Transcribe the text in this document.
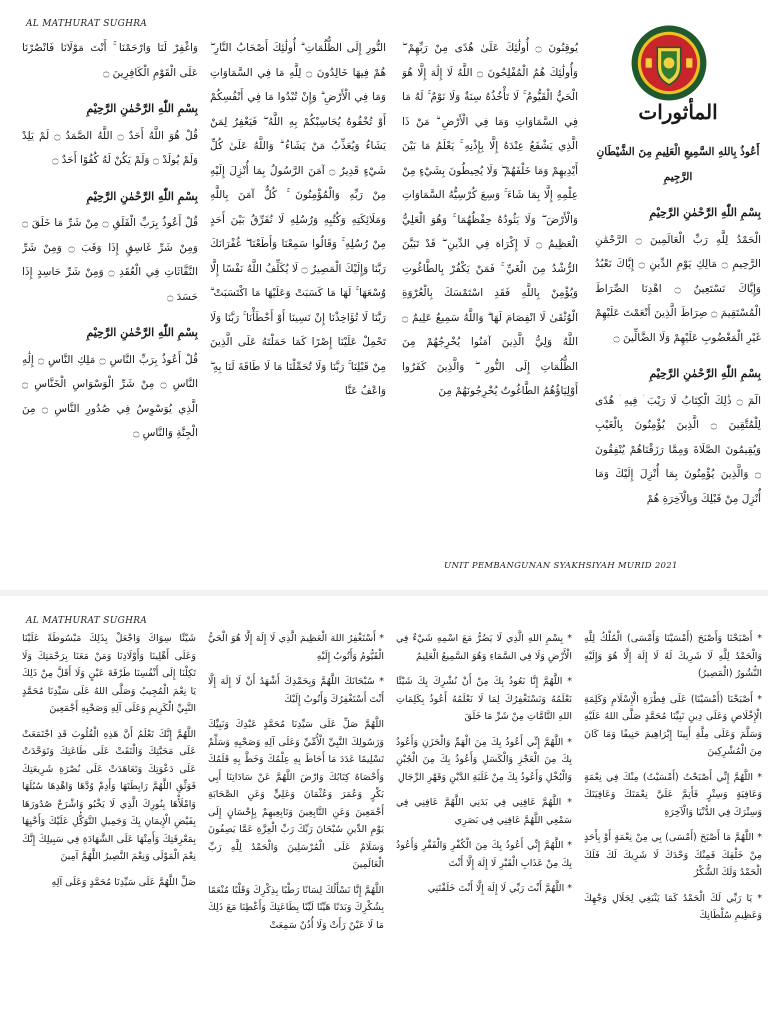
AL MATHURAT SUGHRA
المأثورات

أَعُوذُ بِاللهِ السَّمِيعِ الْعَلِيمِ مِنَ الشَّيْطَانِ الرَّجِيمِ

بِسْمِ اللّٰهِ الرَّحْمٰنِ الرَّحِيْمِ

الْحَمْدُ لِلَّهِ رَبِّ الْعَالَمِينَ ۝ الرَّحْمَٰنِ الرَّحِيمِ ۝ مَالِكِ يَوْمِ الدِّينِ ۝ إِيَّاكَ نَعْبُدُ وَإِيَّاكَ نَسْتَعِينُ ۝ اهْدِنَا الصِّرَاطَ الْمُسْتَقِيمَ ۝ صِرَاطَ الَّذِينَ أَنْعَمْتَ عَلَيْهِمْ غَيْرِ الْمَغْضُوبِ عَلَيْهِمْ وَلَا الضَّالِّينَ ۝

بِسْمِ اللّٰهِ الرَّحْمٰنِ الرَّحِيْمِ

الٓمٓ ۝ ذَٰلِكَ الْكِتَابُ لَا رَيْبَ ۛ فِيهِ ۛ هُدًى لِلْمُتَّقِينَ ۝ الَّذِينَ يُؤْمِنُونَ بِالْغَيْبِ وَيُقِيمُونَ الصَّلَاةَ وَمِمَّا رَزَقْنَاهُمْ يُنْفِقُونَ ۝ وَالَّذِينَ يُؤْمِنُونَ بِمَا أُنْزِلَ إِلَيْكَ وَمَا أُنْزِلَ مِنْ قَبْلِكَ وَبِالْآخِرَةِ هُمْ

يُوقِنُونَ ۝ أُولَٰئِكَ عَلَىٰ هُدًى مِنْ رَبِّهِمْ ۖ وَأُولَٰئِكَ هُمُ الْمُفْلِحُونَ ۝ اللَّهُ لَا إِلَٰهَ إِلَّا هُوَ الْحَيُّ الْقَيُّومُ ۚ لَا تَأْخُذُهُ سِنَةٌ وَلَا نَوْمٌ ۚ لَهُ مَا فِي السَّمَاوَاتِ وَمَا فِي الْأَرْضِ ۗ مَنْ ذَا الَّذِي يَشْفَعُ عِنْدَهُ إِلَّا بِإِذْنِهِ ۚ يَعْلَمُ مَا بَيْنَ أَيْدِيهِمْ وَمَا خَلْفَهُمْ ۖ وَلَا يُحِيطُونَ بِشَيْءٍ مِنْ عِلْمِهِ إِلَّا بِمَا شَاءَ ۚ وَسِعَ كُرْسِيُّهُ السَّمَاوَاتِ وَالْأَرْضَ ۖ وَلَا يَئُودُهُ حِفْظُهُمَا ۚ وَهُوَ الْعَلِيُّ الْعَظِيمُ ۝ لَا إِكْرَاهَ فِي الدِّينِ ۖ قَدْ تَبَيَّنَ الرُّشْدُ مِنَ الْغَيِّ ۚ فَمَنْ يَكْفُرْ بِالطَّاغُوتِ وَيُؤْمِنْ بِاللَّهِ فَقَدِ اسْتَمْسَكَ بِالْعُرْوَةِ الْوُثْقَىٰ لَا انْفِصَامَ لَهَا ۗ وَاللَّهُ سَمِيعٌ عَلِيمٌ ۝ اللَّهُ وَلِيُّ الَّذِينَ آمَنُوا يُخْرِجُهُمْ مِنَ الظُّلُمَاتِ إِلَى النُّورِ ۖ وَالَّذِينَ كَفَرُوا أَوْلِيَاؤُهُمُ الطَّاغُوتُ يُخْرِجُونَهُمْ مِنَ

النُّورِ إِلَى الظُّلُمَاتِ ۗ أُولَٰئِكَ أَصْحَابُ النَّارِ ۖ هُمْ فِيهَا خَالِدُونَ ۝ لِلَّهِ مَا فِي السَّمَاوَاتِ وَمَا فِي الْأَرْضِ ۗ وَإِنْ تُبْدُوا مَا فِي أَنْفُسِكُمْ أَوْ تُخْفُوهُ يُحَاسِبْكُمْ بِهِ اللَّهُ ۖ فَيَغْفِرُ لِمَنْ يَشَاءُ وَيُعَذِّبُ مَنْ يَشَاءُ ۗ وَاللَّهُ عَلَىٰ كُلِّ شَيْءٍ قَدِيرٌ ۝ آمَنَ الرَّسُولُ بِمَا أُنْزِلَ إِلَيْهِ مِنْ رَبِّهِ وَالْمُؤْمِنُونَ ۚ كُلٌّ آمَنَ بِاللَّهِ وَمَلَائِكَتِهِ وَكُتُبِهِ وَرُسُلِهِ لَا نُفَرِّقُ بَيْنَ أَحَدٍ مِنْ رُسُلِهِ ۚ وَقَالُوا سَمِعْنَا وَأَطَعْنَا ۖ غُفْرَانَكَ رَبَّنَا وَإِلَيْكَ الْمَصِيرُ ۝ لَا يُكَلِّفُ اللَّهُ نَفْسًا إِلَّا وُسْعَهَا ۚ لَهَا مَا كَسَبَتْ وَعَلَيْهَا مَا اكْتَسَبَتْ ۗ رَبَّنَا لَا تُؤَاخِذْنَا إِنْ نَسِينَا أَوْ أَخْطَأْنَا ۚ رَبَّنَا وَلَا تَحْمِلْ عَلَيْنَا إِصْرًا كَمَا حَمَلْتَهُ عَلَى الَّذِينَ مِنْ قَبْلِنَا ۚ رَبَّنَا وَلَا تُحَمِّلْنَا مَا لَا طَاقَةَ لَنَا بِهِ ۖ وَاعْفُ عَنَّا

وَاغْفِرْ لَنَا وَارْحَمْنَا ۚ أَنْتَ مَوْلَانَا فَانْصُرْنَا عَلَى الْقَوْمِ الْكَافِرِينَ ۝

بِسْمِ اللّٰهِ الرَّحْمٰنِ الرَّحِيْمِ

قُلْ هُوَ اللَّهُ أَحَدٌ ۝ اللَّهُ الصَّمَدُ ۝ لَمْ يَلِدْ وَلَمْ يُولَدْ ۝ وَلَمْ يَكُنْ لَهُ كُفُوًا أَحَدٌ ۝

بِسْمِ اللّٰهِ الرَّحْمٰنِ الرَّحِيْمِ

قُلْ أَعُوذُ بِرَبِّ الْفَلَقِ ۝ مِنْ شَرِّ مَا خَلَقَ ۝ وَمِنْ شَرِّ غَاسِقٍ إِذَا وَقَبَ ۝ وَمِنْ شَرِّ النَّفَّاثَاتِ فِي الْعُقَدِ ۝ وَمِنْ شَرِّ حَاسِدٍ إِذَا حَسَدَ ۝

بِسْمِ اللّٰهِ الرَّحْمٰنِ الرَّحِيْمِ

قُلْ أَعُوذُ بِرَبِّ النَّاسِ ۝ مَلِكِ النَّاسِ ۝ إِلَٰهِ النَّاسِ ۝ مِنْ شَرِّ الْوَسْوَاسِ الْخَنَّاسِ ۝ الَّذِي يُوَسْوِسُ فِي صُدُورِ النَّاسِ ۝ مِنَ الْجِنَّةِ وَالنَّاسِ ۝

UNIT PEMBANGUNAN SYAKHSIYAH MURID 2021
AL MATHURAT SUGHRA

* أَصْبَحْنَا وَأَصْبَحَ (أَمْسَيْنَا وَأَمْسَى) الْمُلْكُ لِلَّهِ وَالْحَمْدُ لِلَّهِ لَا شَرِيكَ لَهُ لَا إِلَهَ إِلَّا هُوَ وَإِلَيْهِ النُّشُورُ (الْمَصِيرُ)

* أَصْبَحْنَا (أَمْسَيْنَا) عَلَى فِطْرَةِ الْإِسْلَامِ وَكَلِمَةِ الْإِخْلَاصِ وَعَلَى دِينِ نَبِيِّنَا مُحَمَّدٍ صَلَّى اللهُ عَلَيْهِ وَسَلَّمَ وَعَلَى مِلَّةِ أَبِينَا إِبْرَاهِيمَ حَنِيفًا وَمَا كَانَ مِنَ الْمُشْرِكِينَ

* اللَّهُمَّ إِنِّي أَصْبَحْتُ (أَمْسَيْتُ) مِنْكَ فِي نِعْمَةٍ وَعَافِيَةٍ وَسِتْرٍ فَأَتِمَّ عَلَيَّ نِعْمَتَكَ وَعَافِيَتَكَ وَسِتْرَكَ فِي الدُّنْيَا وَالْآخِرَةِ

* اللَّهُمَّ مَا أَصْبَحَ (أَمْسَى) بِي مِنْ نِعْمَةٍ أَوْ بِأَحَدٍ مِنْ خَلْقِكَ فَمِنْكَ وَحْدَكَ لَا شَرِيكَ لَكَ فَلَكَ الْحَمْدُ وَلَكَ الشُّكْرُ

* يَا رَبِّي لَكَ الْحَمْدُ كَمَا يَنْبَغِي لِجَلَالِ وَجْهِكَ وَعَظِيمِ سُلْطَانِكَ

* بِسْمِ اللهِ الَّذِي لَا يَضُرُّ مَعَ اسْمِهِ شَيْءٌ فِي الْأَرْضِ وَلَا فِي السَّمَاءِ وَهُوَ السَّمِيعُ الْعَلِيمُ

* اللَّهُمَّ إِنَّا نَعُوذُ بِكَ مِنْ أَنْ نُشْرِكَ بِكَ شَيْئًا نَعْلَمُهُ وَنَسْتَغْفِرُكَ لِمَا لَا نَعْلَمُهُ أَعُوذُ بِكَلِمَاتِ اللهِ التَّامَّاتِ مِنْ شَرِّ مَا خَلَقَ

* اللَّهُمَّ إِنِّي أَعُوذُ بِكَ مِنَ الْهَمِّ وَالْحَزَنِ وَأَعُوذُ بِكَ مِنَ الْعَجْزِ وَالْكَسَلِ وَأَعُوذُ بِكَ مِنَ الْجُبْنِ وَالْبُخْلِ وَأَعُوذُ بِكَ مِنْ غَلَبَةِ الدَّيْنِ وَقَهْرِ الرِّجَالِ

* اللَّهُمَّ عَافِنِي فِي بَدَنِي اللَّهُمَّ عَافِنِي فِي سَمْعِي اللَّهُمَّ عَافِنِي فِي بَصَرِي

* اللَّهُمَّ إِنِّي أَعُوذُ بِكَ مِنَ الْكُفْرِ وَالْفَقْرِ وَأَعُوذُ بِكَ مِنْ عَذَابِ الْقَبْرِ لَا إِلَهَ إِلَّا أَنْتَ

* اللَّهُمَّ أَنْتَ رَبِّي لَا إِلَهَ إِلَّا أَنْتَ خَلَقْتَنِي

* أَسْتَغْفِرُ اللهَ الْعَظِيمَ الَّذِي لَا إِلَهَ إِلَّا هُوَ الْحَيُّ الْقَيُّومُ وَأَتُوبُ إِلَيْهِ

* سُبْحَانَكَ اللَّهُمَّ وَبِحَمْدِكَ أَشْهَدُ أَنْ لَا إِلَهَ إِلَّا أَنْتَ أَسْتَغْفِرُكَ وَأَتُوبُ إِلَيْكَ

اللَّهُمَّ صَلِّ عَلَى سَيِّدِنَا مُحَمَّدٍ عَبْدِكَ وَنَبِيِّكَ وَرَسُولِكَ النَّبِيِّ الْأُمِّيِّ وَعَلَى آلِهِ وَصَحْبِهِ وَسَلِّمْ تَسْلِيمًا عَدَدَ مَا أَحَاطَ بِهِ عِلْمُكَ وَخَطَّ بِهِ قَلَمُكَ وَأَحْصَاهُ كِتَابُكَ وَارْضَ اللَّهُمَّ عَنْ سَادَاتِنَا أَبِي بَكْرٍ وَعُمَرَ وَعُثْمَانَ وَعَلِيٍّ وَعَنِ الصَّحَابَةِ أَجْمَعِينَ وَعَنِ التَّابِعِينَ وَتَابِعِيهِمْ بِإِحْسَانٍ إِلَى يَوْمِ الدِّينِ سُبْحَانَ رَبِّكَ رَبِّ الْعِزَّةِ عَمَّا يَصِفُونَ وَسَلَامٌ عَلَى الْمُرْسَلِينَ وَالْحَمْدُ لِلَّهِ رَبِّ الْعَالَمِينَ

اللَّهُمَّ إِنَّا نَسْأَلُكَ لِسَانًا رَطْبًا بِذِكْرِكَ وَقَلْبًا مُنْعَمًا بِشُكْرِكَ وَبَدَنًا هَيِّنًا لَيِّنًا بِطَاعَتِكَ وَأَعْطِنَا مَعَ ذَلِكَ مَا لَا عَيْنٌ رَأَتْ وَلَا أُذُنٌ سَمِعَتْ

شَيْئًا سِوَاكَ وَاجْعَلْ بِذَلِكَ مَبْسُوطَةً عَلَيْنَا وَعَلَى أَهْلِينَا وَأَوْلَادِنَا وَمَنْ مَعَنَا بِرَحْمَتِكَ وَلَا تَكِلْنَا إِلَى أَنْفُسِنَا طَرْفَةَ عَيْنٍ وَلَا أَقَلَّ مِنْ ذَلِكَ يَا نِعْمَ الْمُجِيبُ وَصَلَّى اللهُ عَلَى سَيِّدِنَا مُحَمَّدٍ النَّبِيِّ الْكَرِيمِ وَعَلَى آلِهِ وَصَحْبِهِ أَجْمَعِينَ

اللَّهُمَّ إِنَّكَ تَعْلَمُ أَنَّ هَذِهِ الْقُلُوبَ قَدِ اجْتَمَعَتْ عَلَى مَحَبَّتِكَ وَالْتَقَتْ عَلَى طَاعَتِكَ وَتَوَحَّدَتْ عَلَى دَعْوَتِكَ وَتَعَاهَدَتْ عَلَى نُصْرَةِ شَرِيعَتِكَ فَوَثِّقِ اللَّهُمَّ رَابِطَتَهَا وَأَدِمْ وُدَّهَا وَاهْدِهَا سُبُلَهَا وَامْلَأْهَا بِنُورِكَ الَّذِي لَا يَخْبُو وَاشْرَحْ صُدُورَهَا بِفَيْضِ الْإِيمَانِ بِكَ وَجَمِيلِ التَّوَكُّلِ عَلَيْكَ وَأَحْيِهَا بِمَعْرِفَتِكَ وَأَمِتْهَا عَلَى الشَّهَادَةِ فِي سَبِيلِكَ إِنَّكَ نِعْمَ الْمَوْلَى وَنِعْمَ النَّصِيرُ اللَّهُمَّ آمِينَ

صَلِّ اللَّهُمَّ عَلَى سَيِّدِنَا مُحَمَّدٍ وَعَلَى آلِهِ
